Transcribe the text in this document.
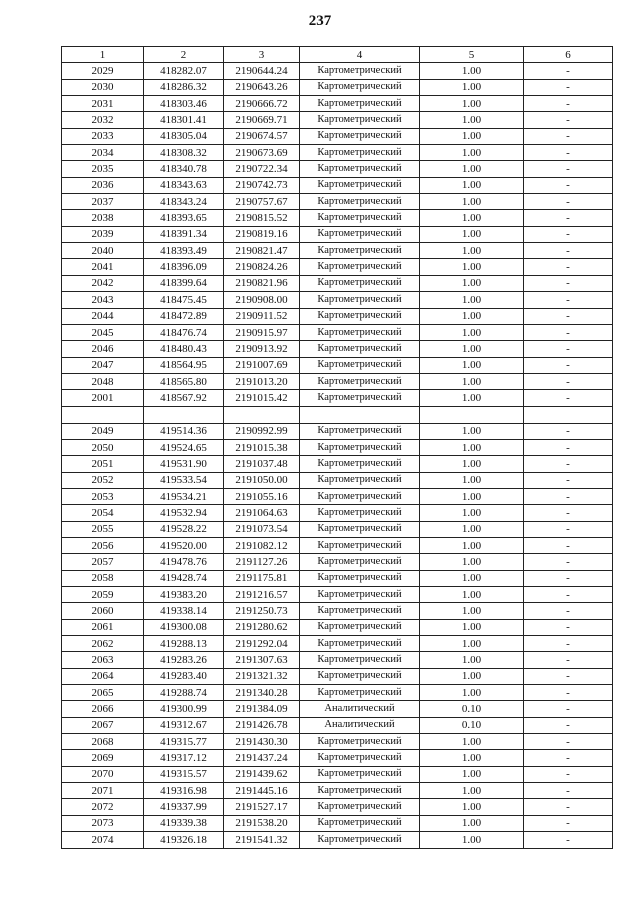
237
1	2	3	4	5	6
2029	418282.07	2190644.24	Картометрический	1.00	-
2030	418286.32	2190643.26	Картометрический	1.00	-
2031	418303.46	2190666.72	Картометрический	1.00	-
2032	418301.41	2190669.71	Картометрический	1.00	-
2033	418305.04	2190674.57	Картометрический	1.00	-
2034	418308.32	2190673.69	Картометрический	1.00	-
2035	418340.78	2190722.34	Картометрический	1.00	-
2036	418343.63	2190742.73	Картометрический	1.00	-
2037	418343.24	2190757.67	Картометрический	1.00	-
2038	418393.65	2190815.52	Картометрический	1.00	-
2039	418391.34	2190819.16	Картометрический	1.00	-
2040	418393.49	2190821.47	Картометрический	1.00	-
2041	418396.09	2190824.26	Картометрический	1.00	-
2042	418399.64	2190821.96	Картометрический	1.00	-
2043	418475.45	2190908.00	Картометрический	1.00	-
2044	418472.89	2190911.52	Картометрический	1.00	-
2045	418476.74	2190915.97	Картометрический	1.00	-
2046	418480.43	2190913.92	Картометрический	1.00	-
2047	418564.95	2191007.69	Картометрический	1.00	-
2048	418565.80	2191013.20	Картометрический	1.00	-
2001	418567.92	2191015.42	Картометрический	1.00	-

2049	419514.36	2190992.99	Картометрический	1.00	-
2050	419524.65	2191015.38	Картометрический	1.00	-
2051	419531.90	2191037.48	Картометрический	1.00	-
2052	419533.54	2191050.00	Картометрический	1.00	-
2053	419534.21	2191055.16	Картометрический	1.00	-
2054	419532.94	2191064.63	Картометрический	1.00	-
2055	419528.22	2191073.54	Картометрический	1.00	-
2056	419520.00	2191082.12	Картометрический	1.00	-
2057	419478.76	2191127.26	Картометрический	1.00	-
2058	419428.74	2191175.81	Картометрический	1.00	-
2059	419383.20	2191216.57	Картометрический	1.00	-
2060	419338.14	2191250.73	Картометрический	1.00	-
2061	419300.08	2191280.62	Картометрический	1.00	-
2062	419288.13	2191292.04	Картометрический	1.00	-
2063	419283.26	2191307.63	Картометрический	1.00	-
2064	419283.40	2191321.32	Картометрический	1.00	-
2065	419288.74	2191340.28	Картометрический	1.00	-
2066	419300.99	2191384.09	Аналитический	0.10	-
2067	419312.67	2191426.78	Аналитический	0.10	-
2068	419315.77	2191430.30	Картометрический	1.00	-
2069	419317.12	2191437.24	Картометрический	1.00	-
2070	419315.57	2191439.62	Картометрический	1.00	-
2071	419316.98	2191445.16	Картометрический	1.00	-
2072	419337.99	2191527.17	Картометрический	1.00	-
2073	419339.38	2191538.20	Картометрический	1.00	-
2074	419326.18	2191541.32	Картометрический	1.00	-
